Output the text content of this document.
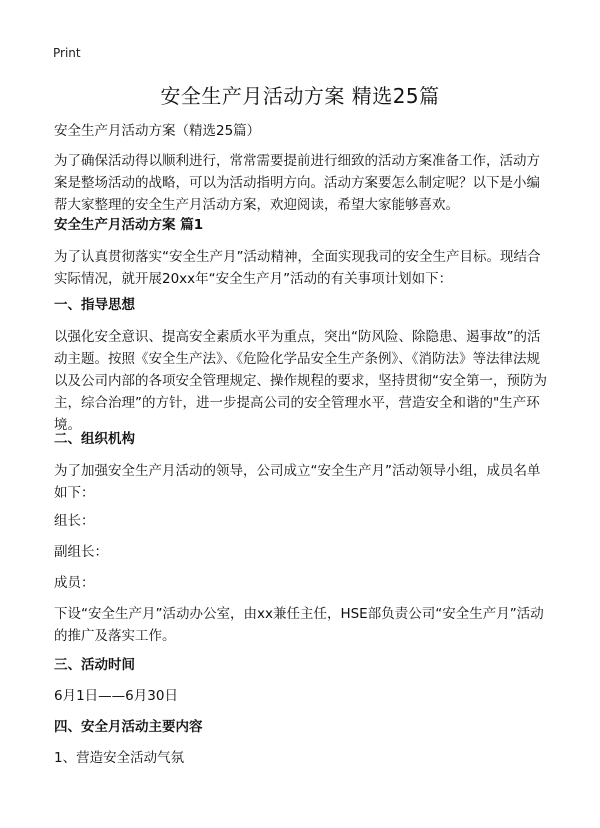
Print
安全生产月活动方案 精选25篇
安全生产月活动方案（精选25篇）
为了确保活动得以顺利进行，常常需要提前进行细致的活动方案准备工作，活动方案是整场活动的战略，可以为活动指明方向。活动方案要怎么制定呢？以下是小编帮大家整理的安全生产月活动方案，欢迎阅读，希望大家能够喜欢。
安全生产月活动方案 篇1
为了认真贯彻落实“安全生产月”活动精神，全面实现我司的安全生产目标。现结合实际情况，就开展20xx年“安全生产月”活动的有关事项计划如下：
一、指导思想
以强化安全意识、提高安全素质水平为重点，突出“防风险、除隐患、遏事故”的活动主题。按照《安全生产法》、《危险化学品安全生产条例》、《消防法》等法律法规以及公司内部的各项安全管理规定、操作规程的要求，坚持贯彻“安全第一，预防为主，综合治理”的方针，进一步提高公司的安全管理水平，营造安全和谐的"生产环境。
二、组织机构
为了加强安全生产月活动的领导，公司成立“安全生产月”活动领导小组，成员名单如下：
组长：
副组长：
成员：
下设“安全生产月”活动办公室，由xx兼任主任，HSE部负责公司“安全生产月”活动的推广及落实工作。
三、活动时间
6月1日——6月30日
四、安全月活动主要内容
1、营造安全活动气氛
